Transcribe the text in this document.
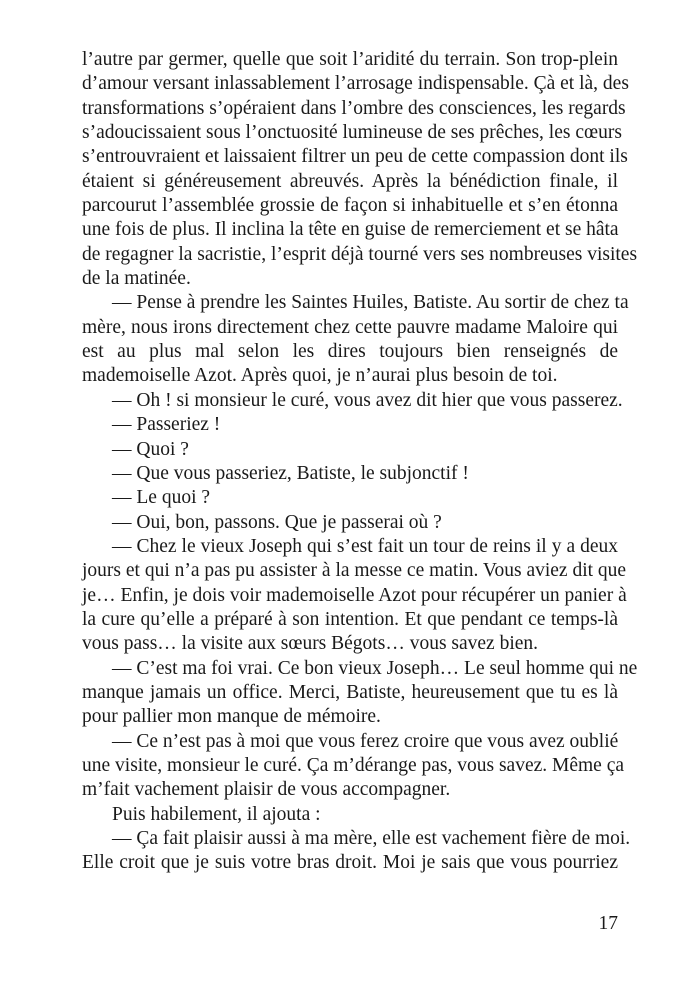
l’autre par germer, quelle que soit l’aridité du terrain. Son trop-plein
d’amour versant inlassablement l’arrosage indispensable. Çà et là, des
transformations s’opéraient dans l’ombre des consciences, les regards
s’adoucissaient sous l’onctuosité lumineuse de ses prêches, les cœurs
s’entrouvraient et laissaient filtrer un peu de cette compassion dont ils
étaient si généreusement abreuvés. Après la bénédiction finale, il
parcourut l’assemblée grossie de façon si inhabituelle et s’en étonna
une fois de plus. Il inclina la tête en guise de remerciement et se hâta
de regagner la sacristie, l’esprit déjà tourné vers ses nombreuses visites
de la matinée.
— Pense à prendre les Saintes Huiles, Batiste. Au sortir de chez ta
mère, nous irons directement chez cette pauvre madame Maloire qui
est au plus mal selon les dires toujours bien renseignés de
mademoiselle Azot. Après quoi, je n’aurai plus besoin de toi.
— Oh ! si monsieur le curé, vous avez dit hier que vous passerez.
— Passeriez !
— Quoi ?
— Que vous passeriez, Batiste, le subjonctif !
— Le quoi ?
— Oui, bon, passons. Que je passerai où ?
— Chez le vieux Joseph qui s’est fait un tour de reins il y a deux
jours et qui n’a pas pu assister à la messe ce matin. Vous aviez dit que
je… Enfin, je dois voir mademoiselle Azot pour récupérer un panier à
la cure qu’elle a préparé à son intention. Et que pendant ce temps-là
vous pass… la visite aux sœurs Bégots… vous savez bien.
— C’est ma foi vrai. Ce bon vieux Joseph… Le seul homme qui ne
manque jamais un office. Merci, Batiste, heureusement que tu es là
pour pallier mon manque de mémoire.
— Ce n’est pas à moi que vous ferez croire que vous avez oublié
une visite, monsieur le curé. Ça m’dérange pas, vous savez. Même ça
m’fait vachement plaisir de vous accompagner.
Puis habilement, il ajouta :
— Ça fait plaisir aussi à ma mère, elle est vachement fière de moi.
Elle croit que je suis votre bras droit. Moi je sais que vous pourriez
17
